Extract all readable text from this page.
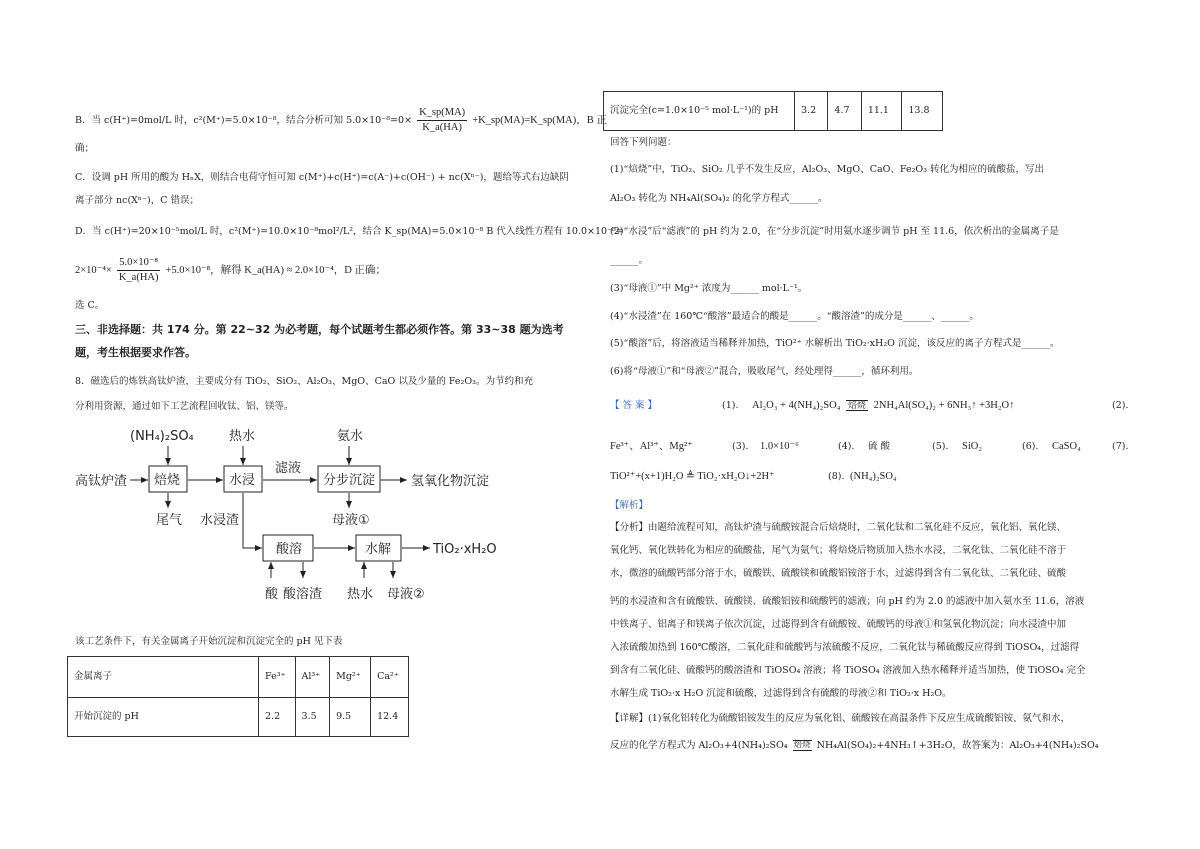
B．当 c(H⁺)=0mol/L 时，c²(M⁺)=5.0×10⁻⁸，结合分析可知 $5.0\times 10^{-8}=0\times \frac{K\_sp(MA)}{K\_a(HA)}$ +K_sp(MA)=K_sp(MA)，B 正
确；
C．设调 pH 所用的酸为 HₙX，则结合电荷守恒可知 c(M⁺)+c(H⁺)=c(A⁻)+c(OH⁻) + nc(Xⁿ⁻)，题给等式右边缺阴
离子部分 nc(Xⁿ⁻)，C 错误；
D．当 c(H⁺)=20×10⁻⁵mol/L 时，c²(M⁺)=10.0×10⁻⁸mol²/L²，结合 K_sp(MA)=5.0×10⁻⁸ B 代入线性方程有 10.0×10⁻⁸=
$2\times 10^{-4}\times \frac{\text{5.0×10⁻⁸}}{K\_a(HA)} +5.0\times 10^{-8}$，解得 K_a(HA) ≈ 2.0×10⁻⁴，D 正确；
选 C。
三、非选择题：共 174 分。第 22~32 为必考题，每个试题考生都必须作答。第 33~38 题为选考
题，考生根据要求作答。
8．磁选后的炼铁高钛炉渣，主要成分有 TiO₂、SiO₂、Al₂O₃、MgO、CaO 以及少量的 Fe₂O₃。为节约和充
分利用资源，通过如下工艺流程回收钛、铝、镁等。
高钛炉渣 焙烧
(NH₄)₂SO₄
尾气
水浸
热水
滤液
分步沉淀
氨水
氢氧化物沉淀
母液①
水浸渣
酸溶	水解	TiO₂·xH₂O
酸 酸溶渣 热水 母液②
该工艺条件下，有关金属离子开始沉淀和沉淀完全的 pH 见下表
金属离子	Fe³⁺	Al³⁺	Mg²⁺	Ca²⁺
开始沉淀的 pH	2.2	3.5	9.5	12.4
沉淀完全(c=1.0×10⁻⁵ mol·L⁻¹)的 pH	3.2	4.7	11.1	13.8
回答下列问题：
(1)“焙烧”中，TiO₂、SiO₂ 几乎不发生反应，Al₂O₃、MgO、CaO、Fe₂O₃ 转化为相应的硫酸盐，写出
Al₂O₃ 转化为 NH₄Al(SO₄)₂ 的化学方程式______。
(2)“水浸”后“滤液”的 pH 约为 2.0，在“分步沉淀”时用氨水逐步调节 pH 至 11.6，依次析出的金属离子是
______。
(3)“母液①”中 Mg²⁺ 浓度为______ mol·L⁻¹。
(4)“水浸渣”在 160℃“酸溶”最适合的酸是______。“酸溶渣”的成分是______、______。
(5)“酸溶”后，将溶液适当稀释并加热，TiO²⁺ 水解析出 TiO₂·xH₂O 沉淀，该反应的离子方程式是______。
(6)将“母液①”和“母液②”混合，吸收尾气，经处理得______，循环利用。
【 答 案 】	(1). Al₂O₃ + 4(NH₄)₂SO₄ 焙烧 2NH₄Al(SO₄)₂ + 6NH₃↑ +3H₂O↑	(2).
Fe³⁺、Al³⁺、Mg²⁺	(3). 1.0×10⁻⁶	(4). 硫 酸	(5). SiO₂	(6). CaSO₄	(7).
TiO²⁺+(x+1)H₂O ≜ TiO₂·xH₂O↓+2H⁺	(8). (NH₄)₂SO₄
【解析】
【分析】由题给流程可知，高钛炉渣与硫酸铵混合后焙烧时，二氧化钛和二氧化硅不反应，氧化铝、氧化镁、
氧化钙、氧化铁转化为相应的硫酸盐，尾气为氨气；将焙烧后物质加入热水水浸，二氧化钛、二氧化硅不溶于
水，微溶的硫酸钙部分溶于水，硫酸铁、硫酸镁和硫酸铝铵溶于水，过滤得到含有二氧化钛、二氧化硅、硫酸
钙的水浸渣和含有硫酸铁、硫酸镁、硫酸铝铵和硫酸钙的滤液；向 pH 约为 2.0 的滤液中加入氨水至 11.6，溶液
中铁离子、铝离子和镁离子依次沉淀，过滤得到含有硫酸铵、硫酸钙的母液①和氢氧化物沉淀；向水浸渣中加
入浓硫酸加热到 160℃酸溶，二氧化硅和硫酸钙与浓硫酸不反应，二氧化钛与稀硫酸反应得到 TiOSO₄，过滤得
到含有二氧化硅、硫酸钙的酸溶渣和 TiOSO₄ 溶液；将 TiOSO₄ 溶液加入热水稀释并适当加热，使 TiOSO₄ 完全
水解生成 TiO₂·x H₂O 沉淀和硫酸，过滤得到含有硫酸的母液②和 TiO₂·x H₂O。
【详解】(1)氧化铝转化为硫酸铝铵发生的反应为氧化铝、硫酸铵在高温条件下反应生成硫酸铝铵、氨气和水，
反应的化学方程式为 Al₂O₃+4(NH₄)₂SO₄ 焙烧 NH₄Al(SO₄)₂+4NH₃↑+3H₂O，故答案为：Al₂O₃+4(NH₄)₂SO₄
